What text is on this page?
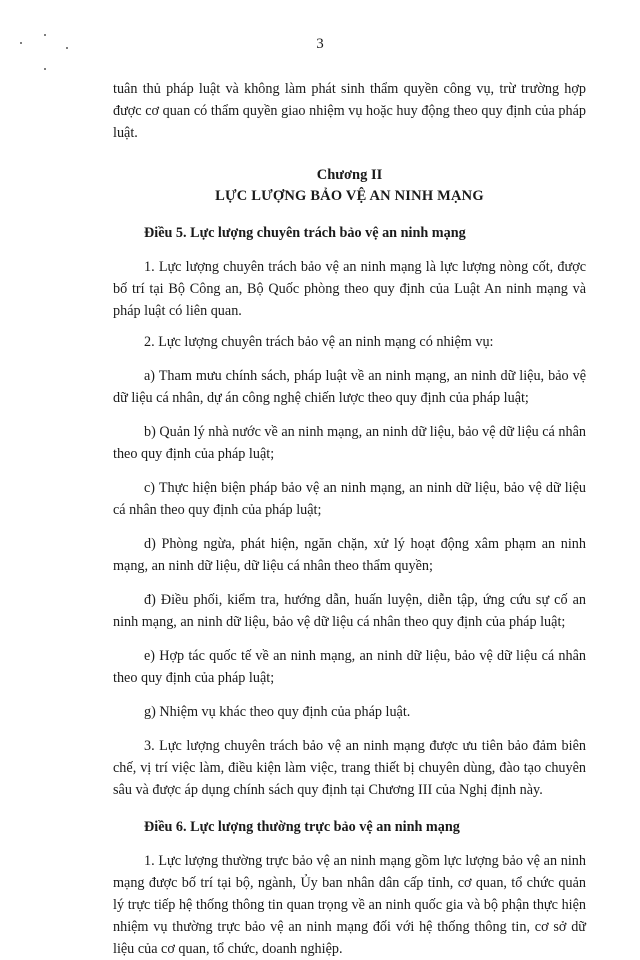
3

tuân thủ pháp luật và không làm phát sinh thẩm quyền công vụ, trừ trường hợp được cơ quan có thẩm quyền giao nhiệm vụ hoặc huy động theo quy định của pháp luật.

Chương II
LỰC LƯỢNG BẢO VỆ AN NINH MẠNG

Điều 5. Lực lượng chuyên trách bảo vệ an ninh mạng

1. Lực lượng chuyên trách bảo vệ an ninh mạng là lực lượng nòng cốt, được bố trí tại Bộ Công an, Bộ Quốc phòng theo quy định của Luật An ninh mạng và pháp luật có liên quan.

2. Lực lượng chuyên trách bảo vệ an ninh mạng có nhiệm vụ:

a) Tham mưu chính sách, pháp luật về an ninh mạng, an ninh dữ liệu, bảo vệ dữ liệu cá nhân, dự án công nghệ chiến lược theo quy định của pháp luật;

b) Quản lý nhà nước về an ninh mạng, an ninh dữ liệu, bảo vệ dữ liệu cá nhân theo quy định của pháp luật;

c) Thực hiện biện pháp bảo vệ an ninh mạng, an ninh dữ liệu, bảo vệ dữ liệu cá nhân theo quy định của pháp luật;

d) Phòng ngừa, phát hiện, ngăn chặn, xử lý hoạt động xâm phạm an ninh mạng, an ninh dữ liệu, dữ liệu cá nhân theo thẩm quyền;

đ) Điều phối, kiểm tra, hướng dẫn, huấn luyện, diễn tập, ứng cứu sự cố an ninh mạng, an ninh dữ liệu, bảo vệ dữ liệu cá nhân theo quy định của pháp luật;

e) Hợp tác quốc tế về an ninh mạng, an ninh dữ liệu, bảo vệ dữ liệu cá nhân theo quy định của pháp luật;

g) Nhiệm vụ khác theo quy định của pháp luật.

3. Lực lượng chuyên trách bảo vệ an ninh mạng được ưu tiên bảo đảm biên chế, vị trí việc làm, điều kiện làm việc, trang thiết bị chuyên dùng, đào tạo chuyên sâu và được áp dụng chính sách quy định tại Chương III của Nghị định này.

Điều 6. Lực lượng thường trực bảo vệ an ninh mạng

1. Lực lượng thường trực bảo vệ an ninh mạng gồm lực lượng bảo vệ an ninh mạng được bố trí tại bộ, ngành, Ủy ban nhân dân cấp tỉnh, cơ quan, tổ chức quản lý trực tiếp hệ thống thông tin quan trọng về an ninh quốc gia và bộ phận thực hiện nhiệm vụ thường trực bảo vệ an ninh mạng đối với hệ thống thông tin, cơ sở dữ liệu của cơ quan, tổ chức, doanh nghiệp.
